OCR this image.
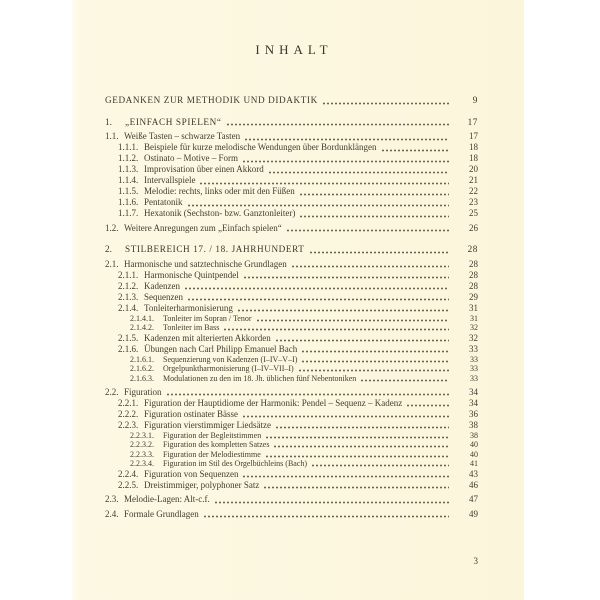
INHALT
GEDANKEN ZUR METHODIK UND DIDAKTIK	9
1.	„EINFACH SPIELEN“	17
1.1. Weiße Tasten – schwarze Tasten	17
1.1.1. Beispiele für kurze melodische Wendungen über Bordunklängen	18
1.1.2. Ostinato – Motive – Form	18
1.1.3. Improvisation über einen Akkord	20
1.1.4. Intervallspiele	21
1.1.5. Melodie: rechts, links oder mit den Füßen	22
1.1.6. Pentatonik	23
1.1.7. Hexatonik (Sechston- bzw. Ganztonleiter)	25
1.2. Weitere Anregungen zum „Einfach spielen“	26
2.	STILBEREICH 17. / 18. JAHRHUNDERT	28
2.1. Harmonische und satztechnische Grundlagen	28
2.1.1. Harmonische Quintpendel	28
2.1.2. Kadenzen	28
2.1.3. Sequenzen	29
2.1.4. Tonleiterharmonisierung	31
2.1.4.1.	Tonleiter im Sopran / Tenor	31
2.1.4.2.	Tonleiter im Bass	32
2.1.5. Kadenzen mit alterierten Akkorden	32
2.1.6. Übungen nach Carl Philipp Emanuel Bach	33
2.1.6.1.	Sequenzierung von Kadenzen (I–IV–V–I)	33
2.1.6.2.	Orgelpunktharmonisierung (I–IV–VII–I)	33
2.1.6.3.	Modulationen zu den im 18. Jh. üblichen fünf Nebentoniken	33
2.2. Figuration	34
2.2.1. Figuration der Hauptidiome der Harmonik: Pendel – Sequenz – Kadenz	34
2.2.2. Figuration ostinater Bässe	36
2.2.3. Figuration vierstimmiger Liedsätze	38
2.2.3.1.	Figuration der Begleitstimmen	38
2.2.3.2.	Figuration des kompletten Satzes	40
2.2.3.3.	Figuration der Melodiestimme	40
2.2.3.4.	Figuration im Stil des Orgelbüchleins (Bach)	41
2.2.4. Figuration von Sequenzen	43
2.2.5. Dreistimmiger, polyphoner Satz	46
2.3. Melodie-Lagen: Alt-c.f.	47
2.4. Formale Grundlagen	49
3
